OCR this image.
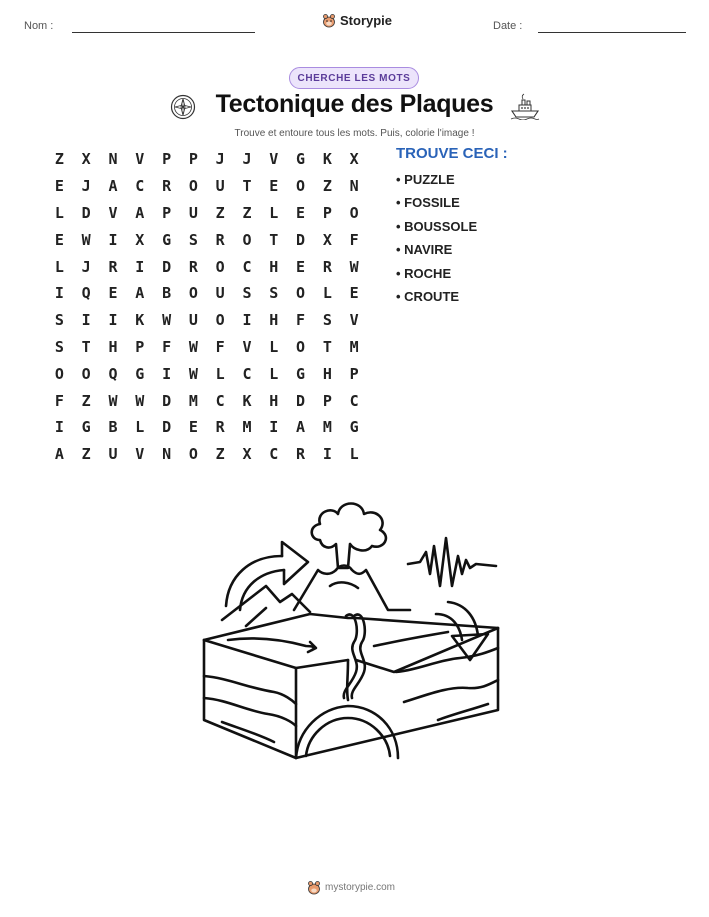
Nom :	Storypie	Date :
CHERCHE LES MOTS
Tectonique des Plaques
Trouve et entoure tous les mots. Puis, colorie l'image !
Z	X	N	V	P	P	J	J	V	G	K	X
E	J	A	C	R	O	U	T	E	O	Z	N
L	D	V	A	P	U	Z	Z	L	E	P	O
E	W	I	X	G	S	R	O	T	D	X	F
L	J	R	I	D	R	O	C	H	E	R	W
I	Q	E	A	B	O	U	S	S	O	L	E
S	I	I	K	W	U	O	I	H	F	S	V
S	T	H	P	F	W	F	V	L	O	T	M
O	O	Q	G	I	W	L	C	L	G	H	P
F	Z	W	W	D	M	C	K	H	D	P	C
I	G	B	L	D	E	R	M	I	A	M	G
A	Z	U	V	N	O	Z	X	C	R	I	L
TROUVE CECI :
• PUZZLE
• FOSSILE
• BOUSSOLE
• NAVIRE
• ROCHE
• CROUTE
mystorypie.com
